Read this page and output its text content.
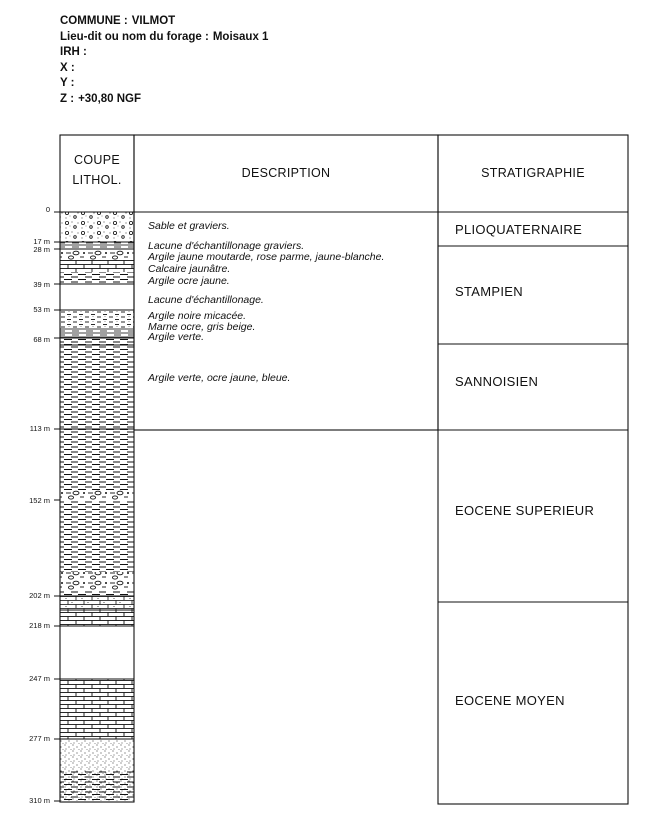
COMMUNE : VILMOT
Lieu-dit ou nom du forage : Moisaux 1
IRH :
X :
Y :
Z : +30,80 NGF
COUPE
LITHOL.	DESCRIPTION	STRATIGRAPHIE
0
17 m
28 m
39 m
53 m
68 m
113 m
152 m
202 m
218 m
247 m
277 m
310 m
Sable et graviers.
Lacune d'échantillonage graviers.
Argile jaune moutarde, rose parme, jaune-blanche.
Calcaire jaunâtre.
Argile ocre jaune.
Lacune d'échantillonage.
Argile noire micacée.
Marne ocre, gris beige.
Argile verte.
Argile verte, ocre jaune, bleue.
PLIOQUATERNAIRE
STAMPIEN
SANNOISIEN
EOCENE SUPERIEUR
EOCENE MOYEN
